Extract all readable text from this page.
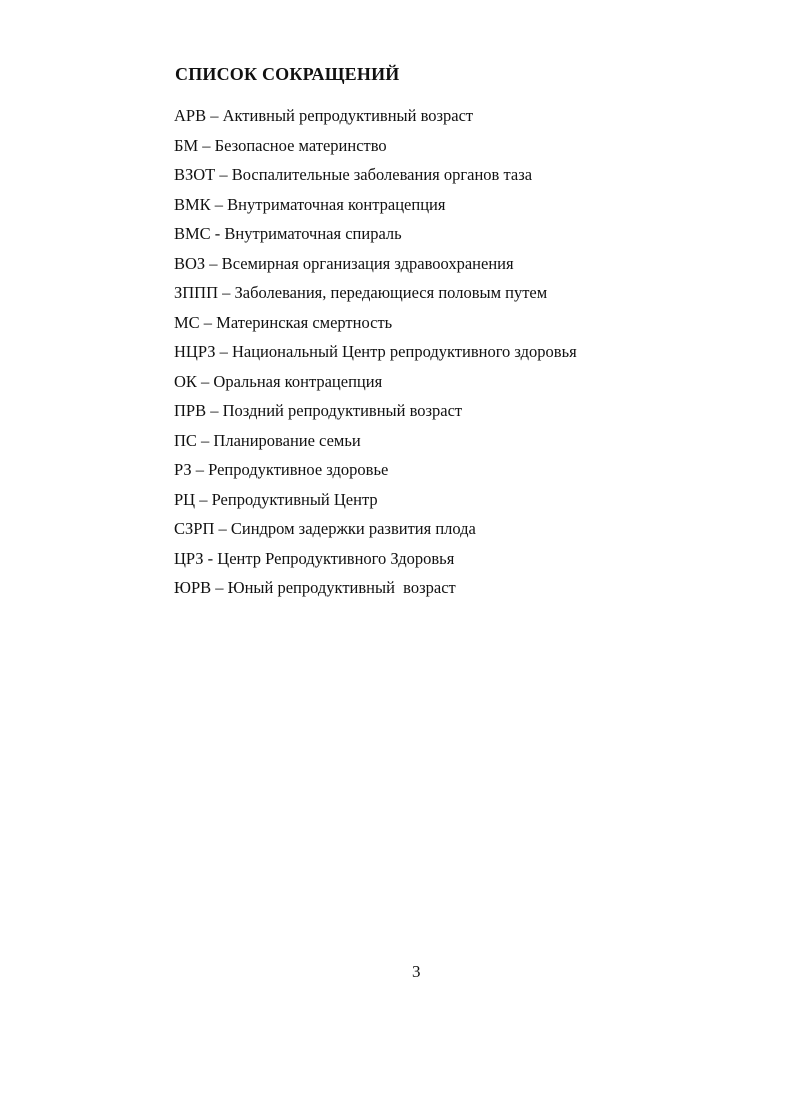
СПИСОК СОКРАЩЕНИЙ
АРВ – Активный репродуктивный возраст
БМ – Безопасное материнство
ВЗОТ – Воспалительные заболевания органов таза
ВМК – Внутриматочная контрацепция
ВМС - Внутриматочная спираль
ВОЗ – Всемирная организация здравоохранения
ЗППП – Заболевания, передающиеся половым путем
МС – Материнская смертность
НЦРЗ – Национальный Центр репродуктивного здоровья
ОК – Оральная контрацепция
ПРВ – Поздний репродуктивный возраст
ПС – Планирование семьи
РЗ – Репродуктивное здоровье
РЦ – Репродуктивный Центр
СЗРП – Синдром задержки развития плода
ЦРЗ - Центр Репродуктивного Здоровья
ЮРВ – Юный репродуктивный  возраст
3
